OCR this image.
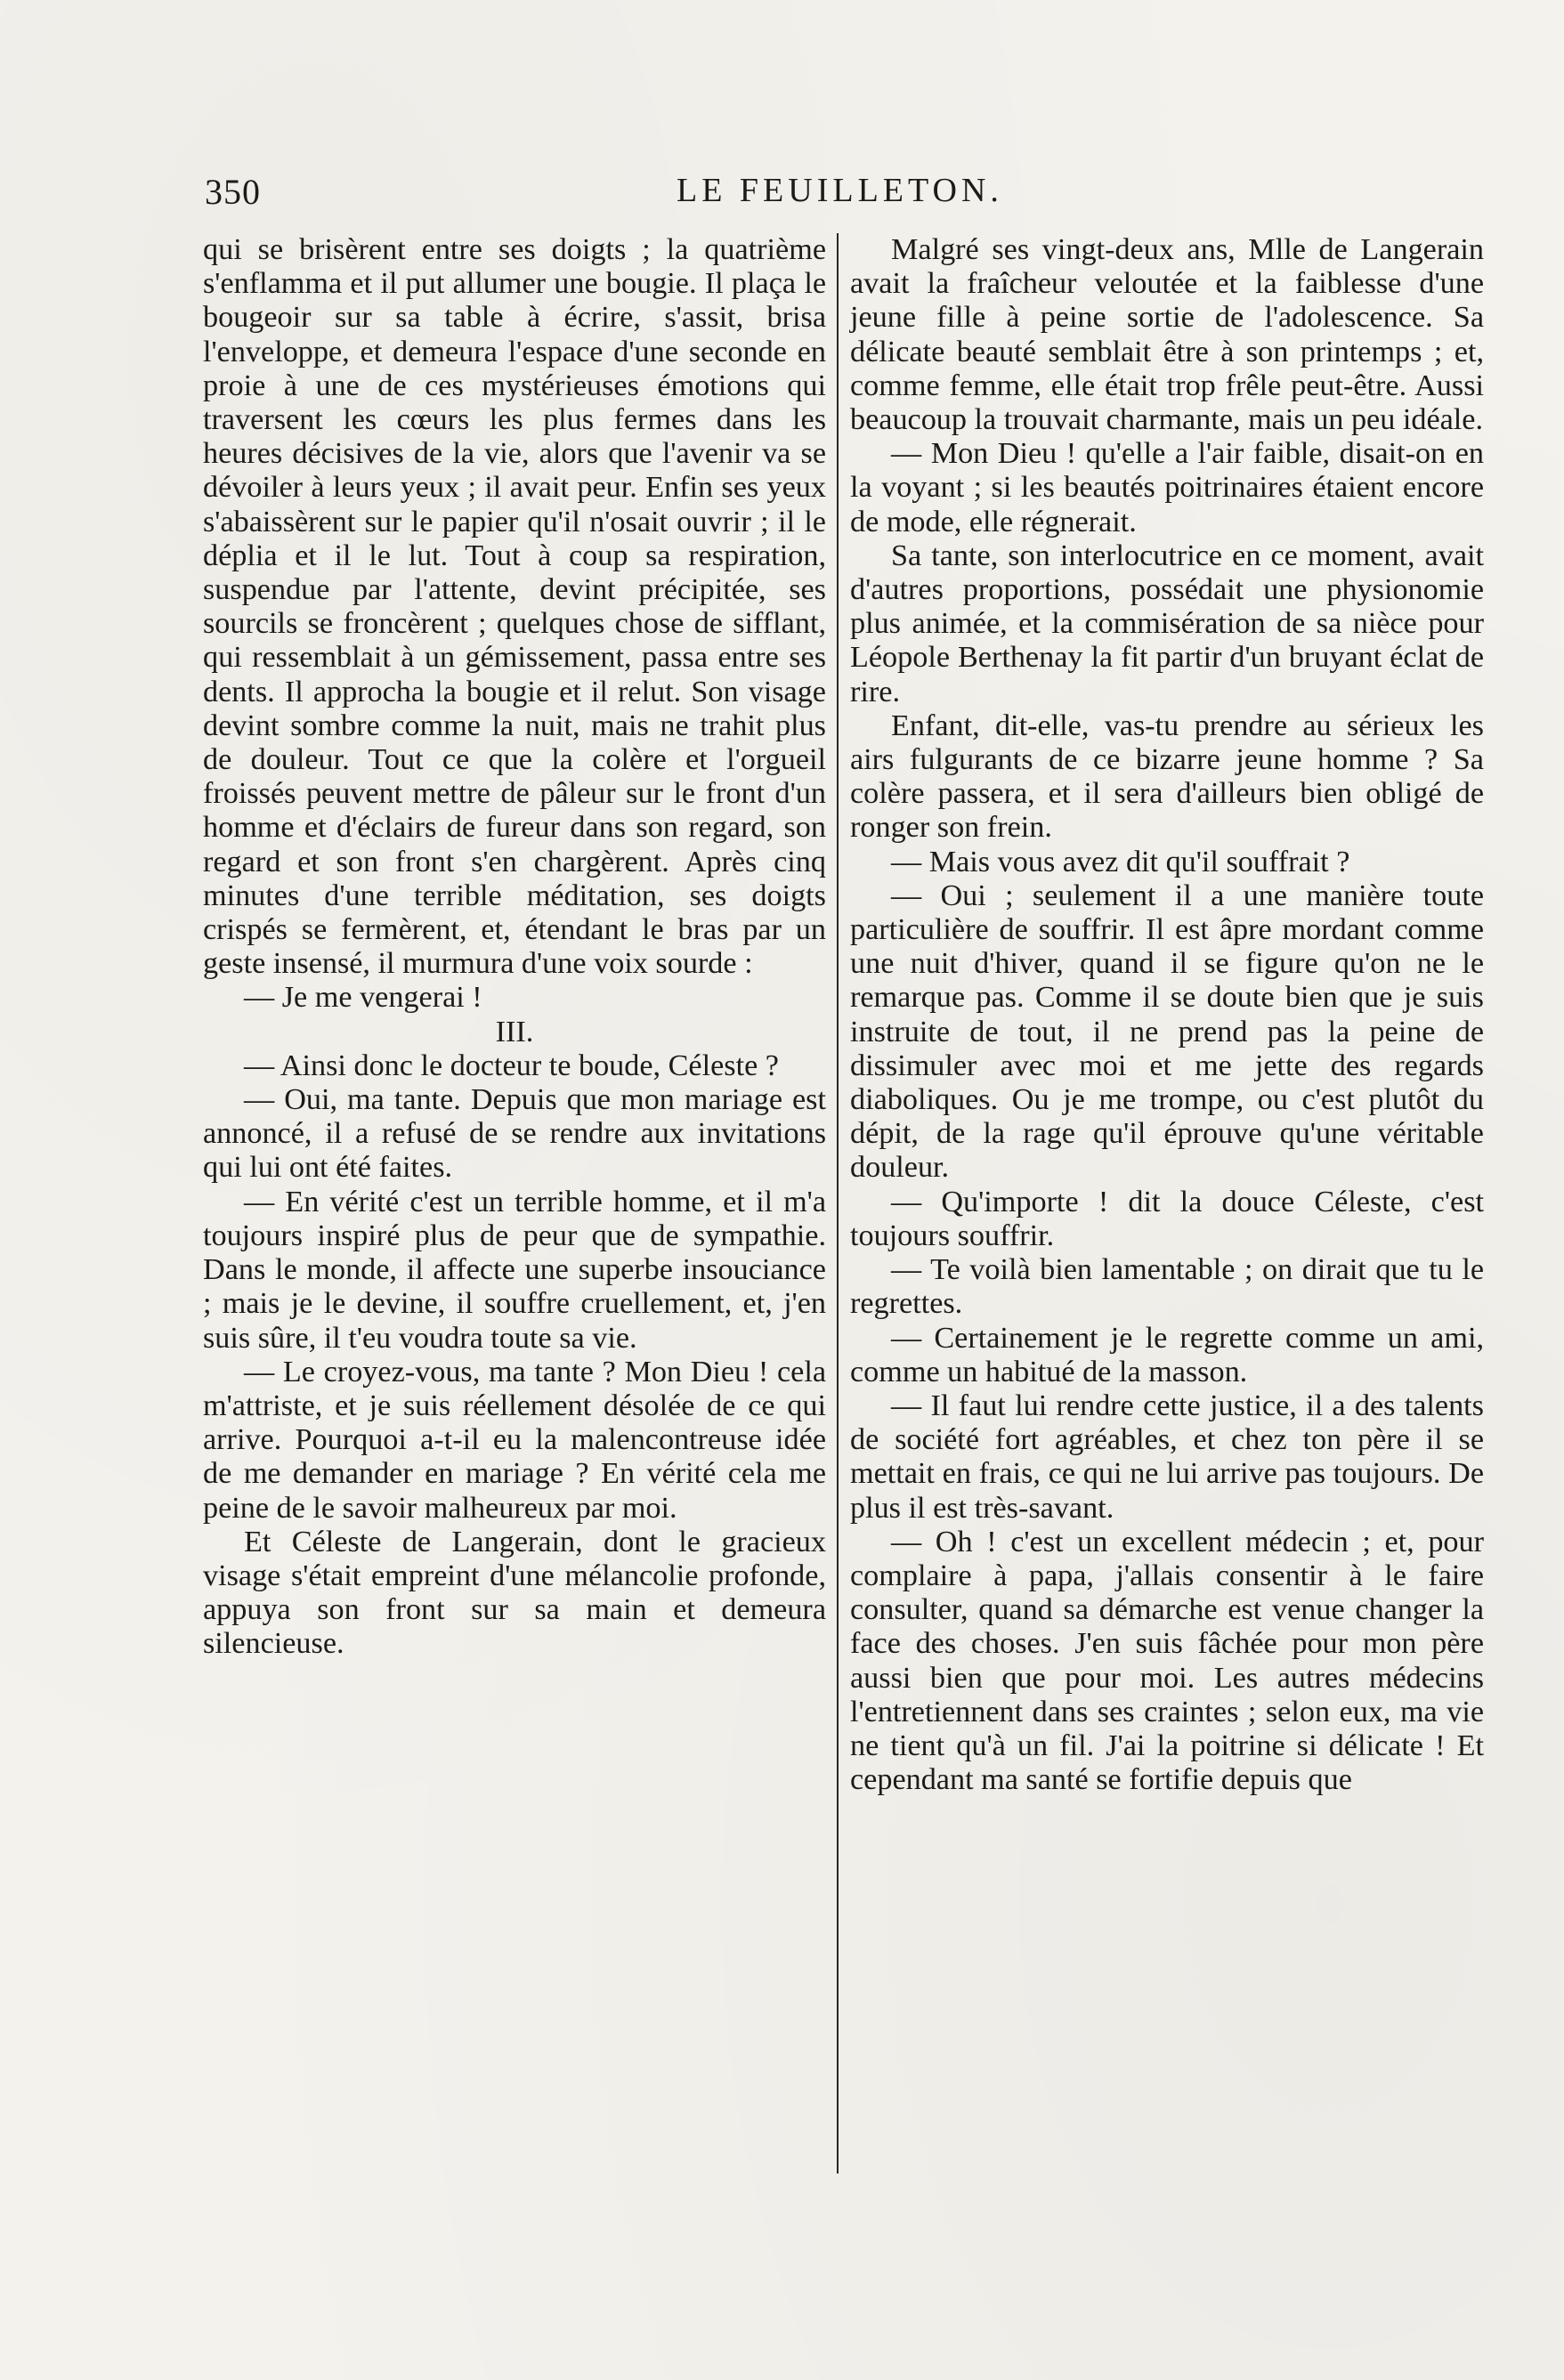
350	LE FEUILLETON.

qui se brisèrent entre ses doigts ; la quatrième s'enflamma et il put allumer une bougie. Il plaça le bougeoir sur sa table à écrire, s'assit, brisa l'enveloppe, et demeura l'espace d'une seconde en proie à une de ces mystérieuses émotions qui traversent les cœurs les plus fermes dans les heures décisives de la vie, alors que l'avenir va se dévoiler à leurs yeux ; il avait peur. Enfin ses yeux s'abaissèrent sur le papier qu'il n'osait ouvrir ; il le déplia et il le lut. Tout à coup sa respiration, suspendue par l'attente, devint précipitée, ses sourcils se froncèrent ; quelques chose de sifflant, qui ressemblait à un gémissement, passa entre ses dents. Il approcha la bougie et il relut. Son visage devint sombre comme la nuit, mais ne trahit plus de douleur. Tout ce que la colère et l'orgueil froissés peuvent mettre de pâleur sur le front d'un homme et d'éclairs de fureur dans son regard, son regard et son front s'en chargèrent. Après cinq minutes d'une terrible méditation, ses doigts crispés se fermèrent, et, étendant le bras par un geste insensé, il murmura d'une voix sourde :

— Je me vengerai !

III.

— Ainsi donc le docteur te boude, Céleste ?

— Oui, ma tante. Depuis que mon mariage est annoncé, il a refusé de se rendre aux invitations qui lui ont été faites.

— En vérité c'est un terrible homme, et il m'a toujours inspiré plus de peur que de sympathie. Dans le monde, il affecte une superbe insouciance ; mais je le devine, il souffre cruellement, et, j'en suis sûre, il t'eu voudra toute sa vie.

— Le croyez-vous, ma tante ? Mon Dieu ! cela m'attriste, et je suis réellement désolée de ce qui arrive. Pourquoi a-t-il eu la malencontreuse idée de me demander en mariage ? En vérité cela me peine de le savoir malheureux par moi.

Et Céleste de Langerain, dont le gracieux visage s'était empreint d'une mélancolie profonde, appuya son front sur sa main et demeura silencieuse.

Malgré ses vingt-deux ans, Mlle de Langerain avait la fraîcheur veloutée et la faiblesse d'une jeune fille à peine sortie de l'adolescence. Sa délicate beauté semblait être à son printemps ; et, comme femme, elle était trop frêle peut-être. Aussi beaucoup la trouvait charmante, mais un peu idéale.

— Mon Dieu ! qu'elle a l'air faible, disait-on en la voyant ; si les beautés poitrinaires étaient encore de mode, elle régnerait.

Sa tante, son interlocutrice en ce moment, avait d'autres proportions, possédait une physionomie plus animée, et la commisération de sa nièce pour Léopole Berthenay la fit partir d'un bruyant éclat de rire.

Enfant, dit-elle, vas-tu prendre au sérieux les airs fulgurants de ce bizarre jeune homme ? Sa colère passera, et il sera d'ailleurs bien obligé de ronger son frein.

— Mais vous avez dit qu'il souffrait ?

— Oui ; seulement il a une manière toute particulière de souffrir. Il est âpre mordant comme une nuit d'hiver, quand il se figure qu'on ne le remarque pas. Comme il se doute bien que je suis instruite de tout, il ne prend pas la peine de dissimuler avec moi et me jette des regards diaboliques. Ou je me trompe, ou c'est plutôt du dépit, de la rage qu'il éprouve qu'une véritable douleur.

— Qu'importe ! dit la douce Céleste, c'est toujours souffrir.

— Te voilà bien lamentable ; on dirait que tu le regrettes.

— Certainement je le regrette comme un ami, comme un habitué de la masson.

— Il faut lui rendre cette justice, il a des talents de société fort agréables, et chez ton père il se mettait en frais, ce qui ne lui arrive pas toujours. De plus il est très-savant.

— Oh ! c'est un excellent médecin ; et, pour complaire à papa, j'allais consentir à le faire consulter, quand sa démarche est venue changer la face des choses. J'en suis fâchée pour mon père aussi bien que pour moi. Les autres médecins l'entretiennent dans ses craintes ; selon eux, ma vie ne tient qu'à un fil. J'ai la poitrine si délicate ! Et cependant ma santé se fortifie depuis que
